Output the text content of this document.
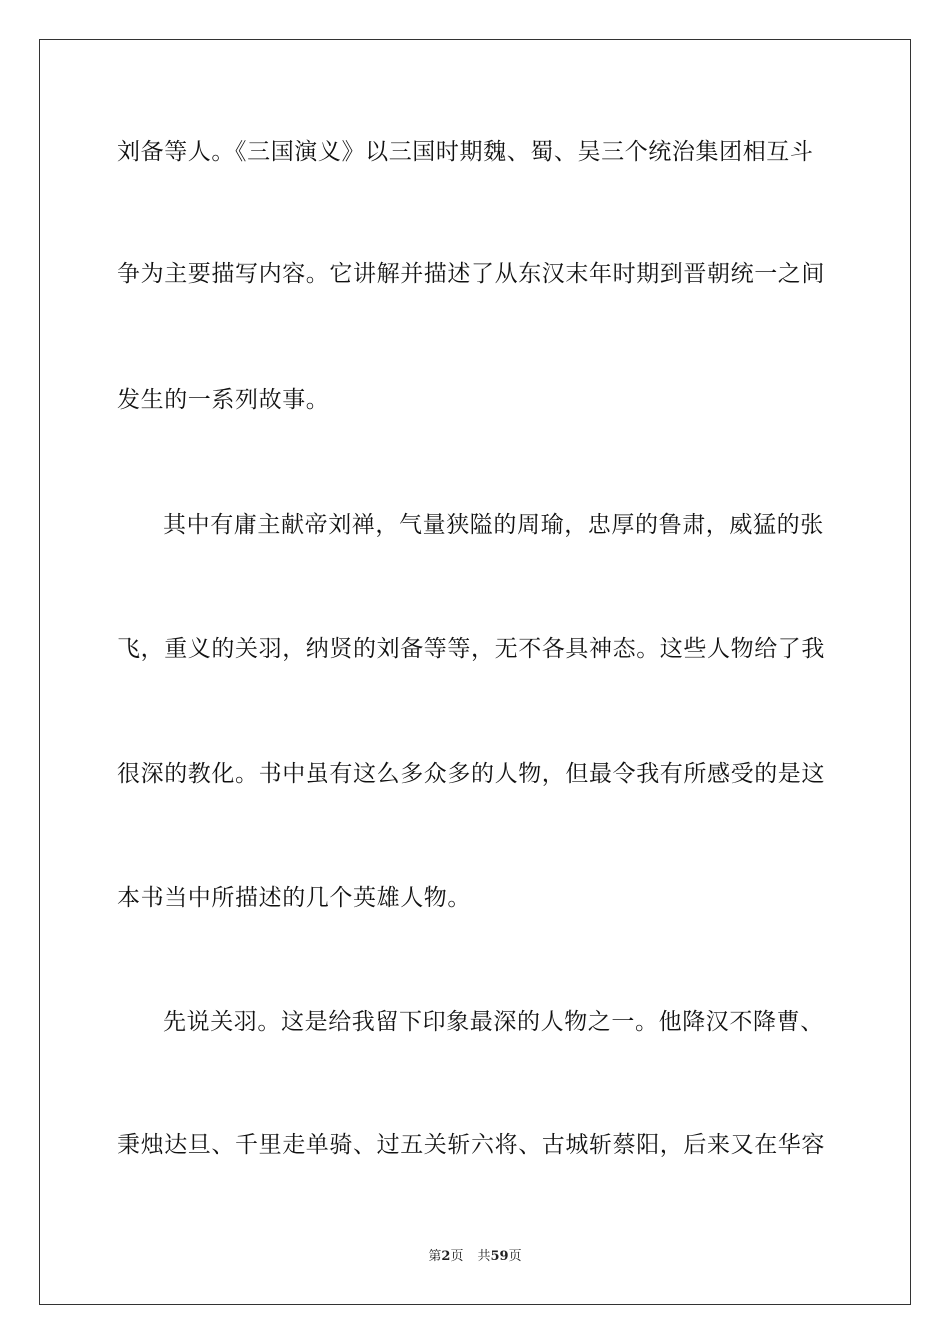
刘备等人。《三国演义》以三国时期魏、蜀、吴三个统治集团相互斗
争为主要描写内容。它讲解并描述了从东汉末年时期到晋朝统一之间
发生的一系列故事。
其中有庸主献帝刘禅，气量狭隘的周瑜，忠厚的鲁肃，威猛的张
飞，重义的关羽，纳贤的刘备等等，无不各具神态。这些人物给了我
很深的教化。书中虽有这么多众多的人物，但最令我有所感受的是这
本书当中所描述的几个英雄人物。
先说关羽。这是给我留下印象最深的人物之一。他降汉不降曹、
秉烛达旦、千里走单骑、过五关斩六将、古城斩蔡阳，后来又在华容
第2页 共59页
